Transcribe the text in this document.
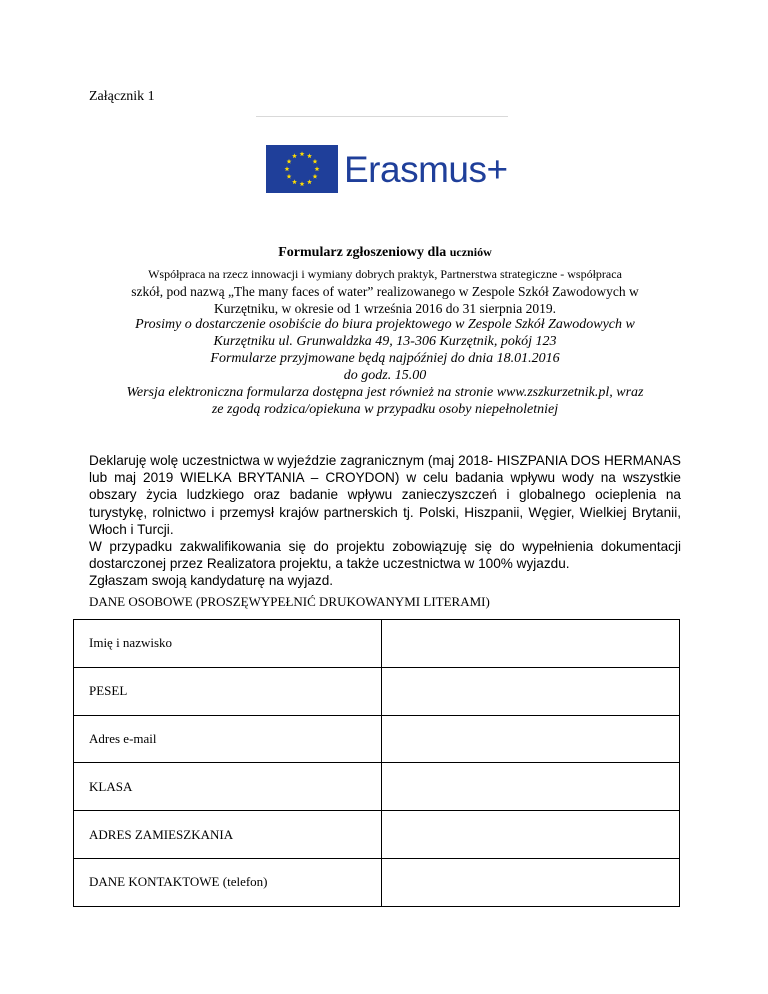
Załącznik 1
Erasmus+
Formularz zgłoszeniowy dla uczniów
Współpraca na rzecz innowacji i wymiany dobrych praktyk, Partnerstwa strategiczne - współpraca
szkół, pod nazwą „The many faces of water” realizowanego w Zespole Szkół Zawodowych w
Kurzętniku, w okresie od 1 września 2016 do 31 sierpnia 2019.
Prosimy o dostarczenie osobiście do biura projektowego w Zespole Szkół Zawodowych w
Kurzętniku ul. Grunwaldzka 49, 13-306 Kurzętnik, pokój 123
Formularze przyjmowane będą najpóźniej do dnia 18.01.2016
do godz. 15.00
Wersja elektroniczna formularza dostępna jest również na stronie www.zszkurzetnik.pl, wraz
ze zgodą rodzica/opiekuna w przypadku osoby niepełnoletniej

Deklaruję wolę uczestnictwa w wyjeździe zagranicznym (maj 2018- HISZPANIA DOS HERMANAS lub maj 2019 WIELKA BRYTANIA – CROYDON) w celu badania wpływu wody na wszystkie obszary życia ludzkiego oraz badanie wpływu zanieczyszczeń i globalnego ocieplenia na turystykę, rolnictwo i przemysł krajów partnerskich tj. Polski, Hiszpanii, Węgier, Wielkiej Brytanii, Włoch i Turcji.

W przypadku zakwalifikowania się do projektu zobowiązuję się do wypełnienia dokumentacji dostarczonej przez Realizatora projektu, a także uczestnictwa w 100% wyjazdu.

Zgłaszam swoją kandydaturę na wyjazd.

DANE OSOBOWE (PROSZĘWYPEŁNIĆ DRUKOWANYMI LITERAMI)
Imię i nazwisko	
PESEL	
Adres e-mail	
KLASA	
ADRES ZAMIESZKANIA	
DANE KONTAKTOWE (telefon)	
